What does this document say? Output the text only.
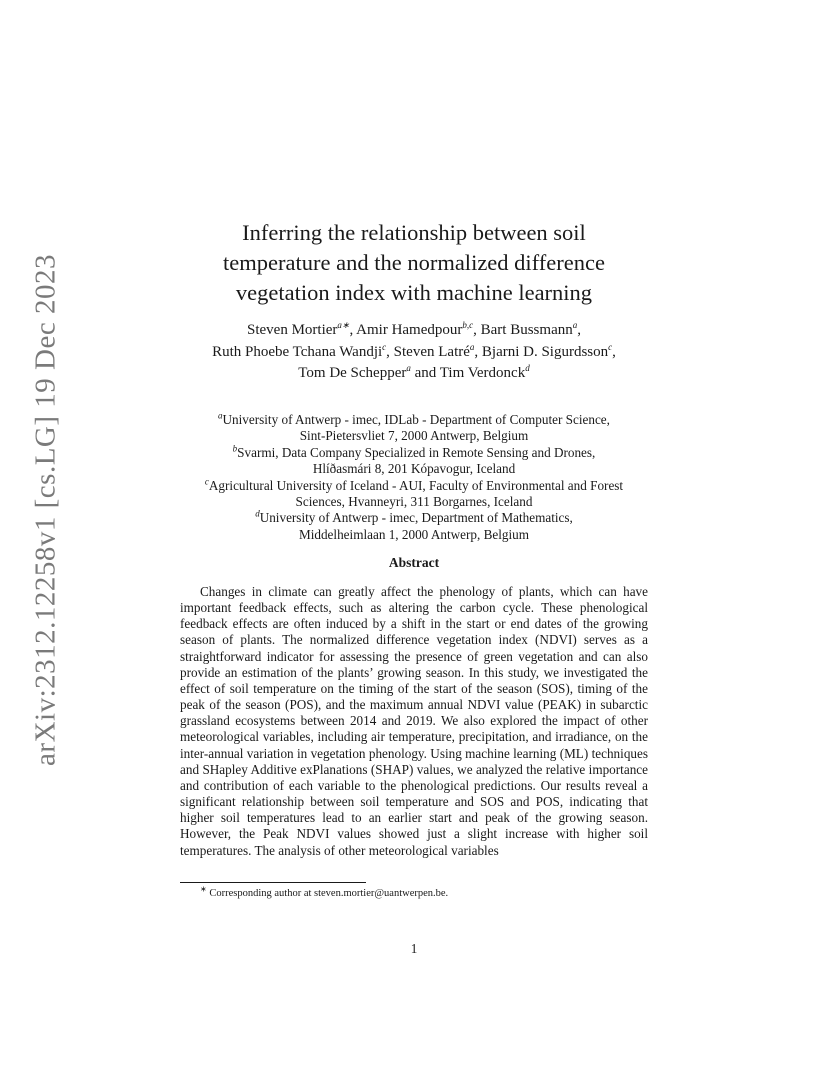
arXiv:2312.12258v1 [cs.LG] 19 Dec 2023
Inferring the relationship between soil
temperature and the normalized difference
vegetation index with machine learning
Steven Mortier$^{a∗}$, Amir Hamedpour$^{b,c}$, Bart Bussmann$^a$,
Ruth Phoebe Tchana Wandji$^c$, Steven Latré$^a$, Bjarni D. Sigurdsson$^c$,
Tom De Schepper$^a$ and Tim Verdonck$^d$
$^a$University of Antwerp - imec, IDLab - Department of Computer Science,
Sint-Pietersvliet 7, 2000 Antwerp, Belgium
$^b$Svarmi, Data Company Specialized in Remote Sensing and Drones,
Hlíðasmári 8, 201 Kópavogur, Iceland
$^c$Agricultural University of Iceland - AUI, Faculty of Environmental and Forest
Sciences, Hvanneyri, 311 Borgarnes, Iceland
$^d$University of Antwerp - imec, Department of Mathematics,
Middelheimlaan 1, 2000 Antwerp, Belgium
Abstract
Changes in climate can greatly affect the phenology of plants, which can have important feedback effects, such as altering the carbon cycle. These phenological feedback effects are often induced by a shift in the start or end dates of the growing season of plants. The normalized difference vegetation index (NDVI) serves as a straightforward indicator for assessing the presence of green vegetation and can also provide an estimation of the plants’ growing season. In this study, we investigated the effect of soil temperature on the timing of the start of the season (SOS), timing of the peak of the season (POS), and the maximum annual NDVI value (PEAK) in subarctic grassland ecosystems between 2014 and 2019. We also explored the impact of other meteorological variables, including air temperature, precipitation, and irradiance, on the inter-annual variation in vegetation phenology. Using machine learning (ML) techniques and SHapley Additive exPlanations (SHAP) values, we analyzed the relative importance and contribution of each variable to the phenological predictions. Our results reveal a significant relationship between soil temperature and SOS and POS, indicating that higher soil temperatures lead to an earlier start and peak of the growing season. However, the Peak NDVI values showed just a slight increase with higher soil temperatures. The analysis of other meteorological variables
∗ Corresponding author at steven.mortier@uantwerpen.be.
1
